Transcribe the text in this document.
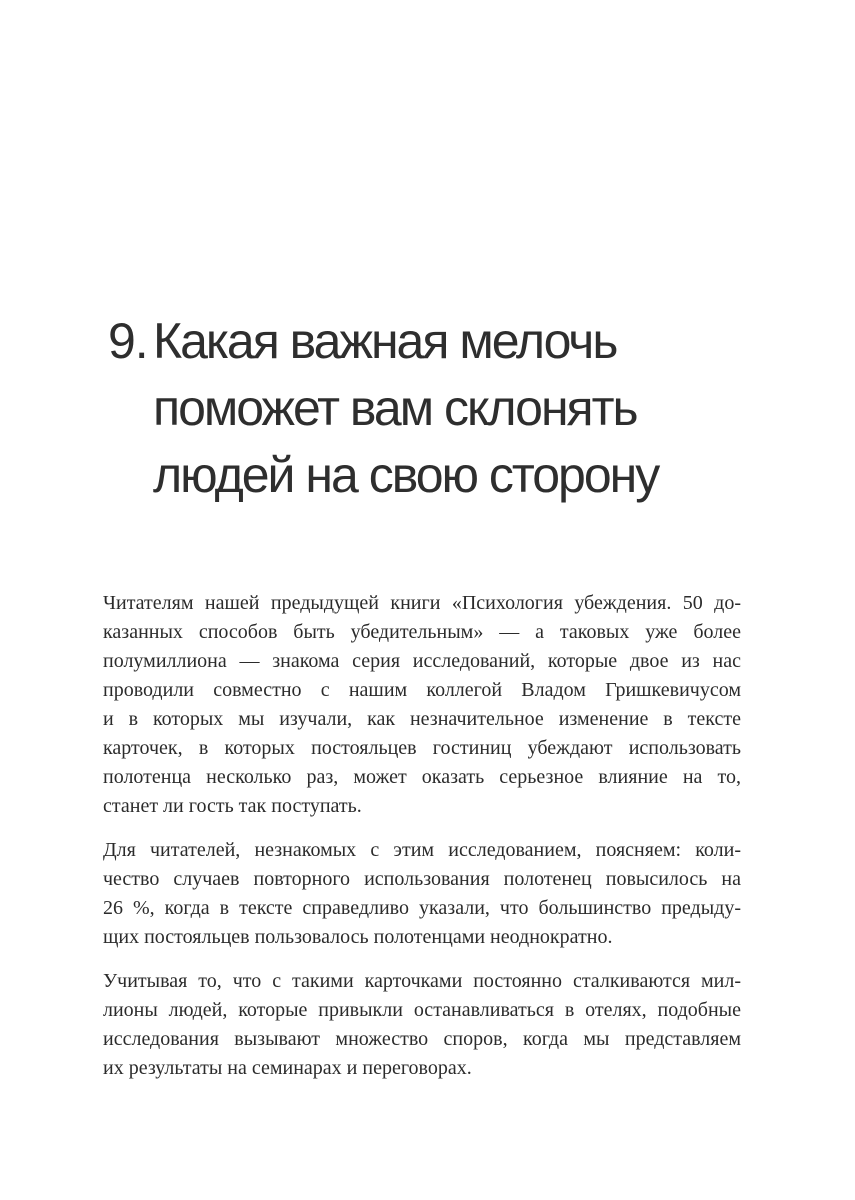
9. Какая важная мелочь
поможет вам склонять
людей на свою сторону
Читателям нашей предыдущей книги «Психология убеждения. 50 до-
казанных способов быть убедительным» — а таковых уже более
полумиллиона — знакома серия исследований, которые двое из нас
проводили совместно с нашим коллегой Владом Гришкевичусом
и в которых мы изучали, как незначительное изменение в тексте
карточек, в которых постояльцев гостиниц убеждают использовать
полотенца несколько раз, может оказать серьезное влияние на то,
станет ли гость так поступать.
Для читателей, незнакомых с этим исследованием, поясняем: коли-
чество случаев повторного использования полотенец повысилось на
26 %, когда в тексте справедливо указали, что большинство предыду-
щих постояльцев пользовалось полотенцами неоднократно.
Учитывая то, что с такими карточками постоянно сталкиваются мил-
лионы людей, которые привыкли останавливаться в отелях, подобные
исследования вызывают множество споров, когда мы представляем
их результаты на семинарах и переговорах.
